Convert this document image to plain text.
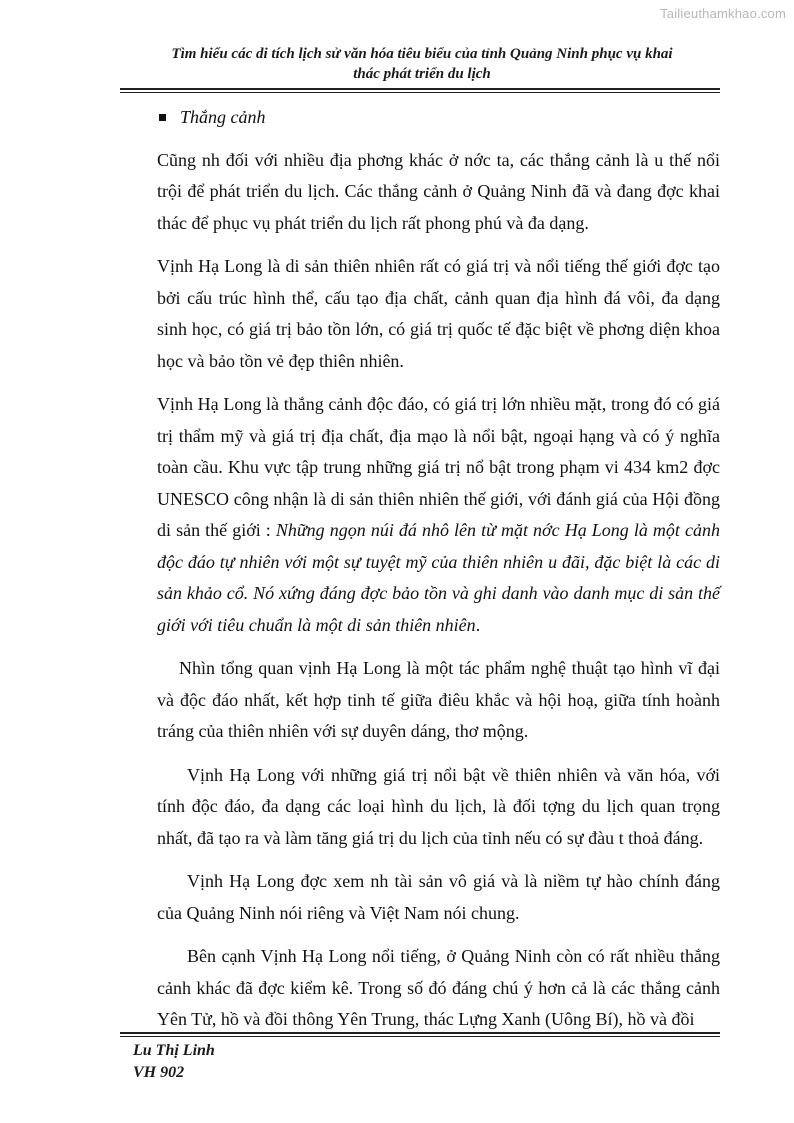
Tailieuthamkhao.com
Tìm hiểu các di tích lịch sử văn hóa tiêu biểu của tỉnh Quảng Ninh phục vụ khai
thác phát triển du lịch
Thắng cảnh

Cũng nh đối với nhiều địa phơng khác ở nớc ta, các thắng cảnh là u thế nổi trội để phát triển du lịch. Các thắng cảnh ở Quảng Ninh đã và đang đợc khai thác để phục vụ phát triển du lịch rất phong phú và đa dạng.

Vịnh Hạ Long là di sản thiên nhiên rất có giá trị và nổi tiếng thế giới đợc tạo bởi cấu trúc hình thể, cấu tạo địa chất, cảnh quan địa hình đá vôi, đa dạng sinh học, có giá trị bảo tồn lớn, có giá trị quốc tế đặc biệt về phơng diện khoa học và bảo tồn vẻ đẹp thiên nhiên.

Vịnh Hạ Long là thắng cảnh độc đáo, có giá trị lớn nhiều mặt, trong đó có giá trị thẩm mỹ và giá trị địa chất, địa mạo là nổi bật, ngoại hạng và có ý nghĩa toàn cầu. Khu vực tập trung những giá trị nổ bật trong phạm vi 434 km2 đợc UNESCO công nhận là di sản thiên nhiên thế giới, với đánh giá của Hội đồng di sản thế giới : Những ngọn núi đá nhô lên từ mặt nớc Hạ Long là một cảnh độc đáo tự nhiên với một sự tuyệt mỹ của thiên nhiên u đãi, đặc biệt là các di sản khảo cổ. Nó xứng đáng đợc bảo tồn và ghi danh vào danh mục di sản thế giới với tiêu chuẩn là một di sản thiên nhiên.

Nhìn tổng quan vịnh Hạ Long là một tác phẩm nghệ thuật tạo hình vĩ đại và độc đáo nhất, kết hợp tinh tế giữa điêu khắc và hội hoạ, giữa tính hoành tráng của thiên nhiên với sự duyên dáng, thơ mộng.

Vịnh Hạ Long với những giá trị nổi bật về thiên nhiên và văn hóa, với tính độc đáo, đa dạng các loại hình du lịch, là đối tợng du lịch quan trọng nhất, đã tạo ra và làm tăng giá trị du lịch của tỉnh nếu có sự đàu t thoả đáng.

Vịnh Hạ Long đợc xem nh tài sản vô giá và là niềm tự hào chính đáng của Quảng Ninh nói riêng và Việt Nam nói chung.

Bên cạnh Vịnh Hạ Long nổi tiếng, ở Quảng Ninh còn có rất nhiều thắng cảnh khác đã đợc kiểm kê. Trong số đó đáng chú ý hơn cả là các thắng cảnh Yên Tử, hồ và đồi thông Yên Trung, thác Lựng Xanh (Uông Bí), hồ và đồi

Lu Thị Linh
VH 902
